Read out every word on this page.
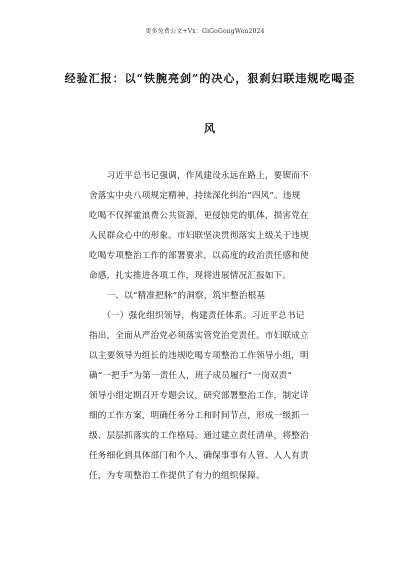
更多免费公文+Vx：GiGoGongWen2024
经验汇报：以“铁腕亮剑”的决心，狠刹妇联违规吃喝歪
风
　　习近平总书记强调，作风建设永远在路上，要锲而不
舍落实中央八项规定精神，持续深化纠治“四风”。违规
吃喝不仅挥霍浪费公共资源，更侵蚀党的肌体，损害党在
人民群众心中的形象。市妇联坚决贯彻落实上级关于违规
吃喝专项整治工作的部署要求，以高度的政治责任感和使
命感，扎实推进各项工作，现将进展情况汇报如下。
　　一、以“精准把脉”的洞察，筑牢整治根基
　　（一）强化组织领导，构建责任体系。习近平总书记
指出，全面从严治党必须落实管党治党责任。市妇联成立
以主要领导为组长的违规吃喝专项整治工作领导小组，明
确“一把手”为第一责任人，班子成员履行“一岗双责”
领导小组定期召开专题会议，研究部署整治工作，制定详
细的工作方案，明确任务分工和时间节点，形成一级抓一
级、层层抓落实的工作格局。通过建立责任清单，将整治
任务细化到具体部门和个人，确保事事有人管、人人有责
任，为专项整治工作提供了有力的组织保障。
